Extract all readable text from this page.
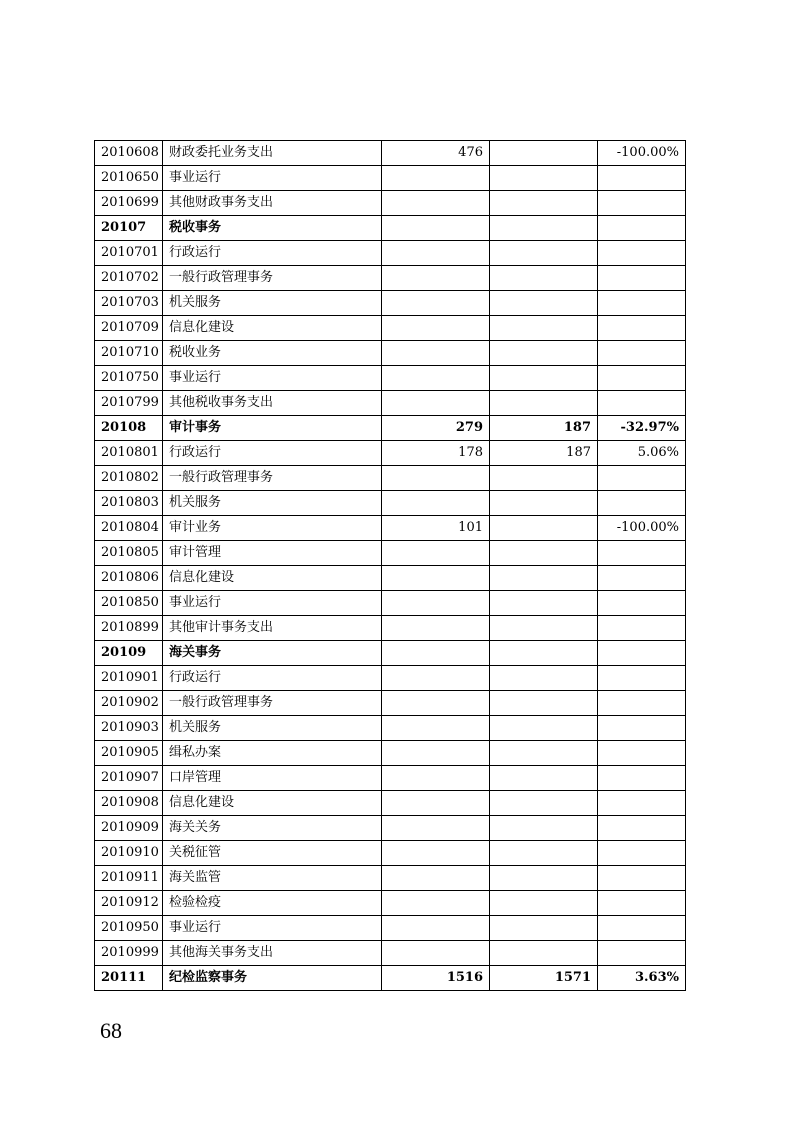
2010608	财政委托业务支出	476		-100.00%
2010650	事业运行			
2010699	其他财政事务支出			
20107	税收事务			
2010701	行政运行			
2010702	一般行政管理事务			
2010703	机关服务			
2010709	信息化建设			
2010710	税收业务			
2010750	事业运行			
2010799	其他税收事务支出			
20108	审计事务	279	187	-32.97%
2010801	行政运行	178	187	5.06%
2010802	一般行政管理事务			
2010803	机关服务			
2010804	审计业务	101		-100.00%
2010805	审计管理			
2010806	信息化建设			
2010850	事业运行			
2010899	其他审计事务支出			
20109	海关事务			
2010901	行政运行			
2010902	一般行政管理事务			
2010903	机关服务			
2010905	缉私办案			
2010907	口岸管理			
2010908	信息化建设			
2010909	海关关务			
2010910	关税征管			
2010911	海关监管			
2010912	检验检疫			
2010950	事业运行			
2010999	其他海关事务支出			
20111	纪检监察事务	1516	1571	3.63%
68
